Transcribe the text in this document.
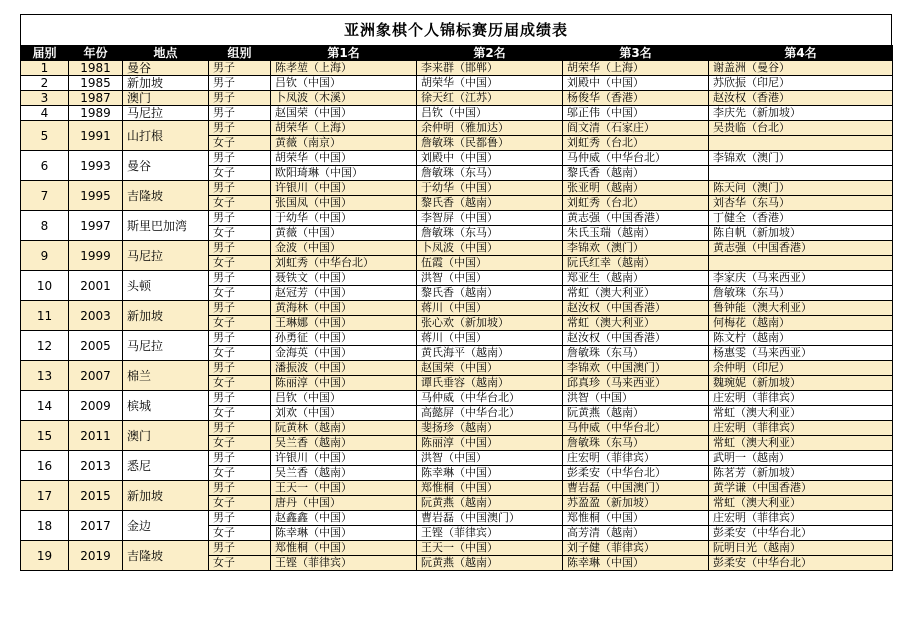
亚洲象棋个人锦标赛历届成绩表
届别	年份	地点	组别	第1名	第2名	第3名	第4名
1	1981	曼谷	男子	陈孝堃（上海）	李来群（邯郸）	胡荣华（上海）	谢盖洲（曼谷）
2	1985	新加坡	男子	吕钦（中国）	胡荣华（中国）	刘殿中（中国）	苏欣振（印尼）
3	1987	澳门	男子	卜凤波（木溪）	徐天红（江苏）	杨俊华（香港）	赵汝权（香港）
4	1989	马尼拉	男子	赵国荣（中国）	吕钦（中国）	邬正伟（中国）	李庆先（新加坡）
5	1991	山打根	男子	胡荣华（上海）	余仲明（雅加达）	阎文清（石家庄）	吴贵临（台北）
			女子	黄薇（南京）	詹敏珠（民都鲁）	刘虹秀（台北）	
6	1993	曼谷	男子	胡荣华（中国）	刘殿中（中国）	马仲威（中华台北）	李锦欢（澳门）
			女子	欧阳琦琳（中国）	詹敏珠（东马）	黎氏香（越南）	
7	1995	吉隆坡	男子	许银川（中国）	于幼华（中国）	张亚明（越南）	陈天问（澳门）
			女子	张国凤（中国）	黎氏香（越南）	刘虹秀（台北）	刘杏华（东马）
8	1997	斯里巴加湾	男子	于幼华（中国）	李智屏（中国）	黄志强（中国香港）	丁健全（香港）
			女子	黄薇（中国）	詹敏珠（东马）	朱氏玉瑞（越南）	陈自帆（新加坡）
9	1999	马尼拉	男子	金波（中国）	卜凤波（中国）	李锦欢（澳门）	黄志强（中国香港）
			女子	刘虹秀（中华台北）	伍霞（中国）	阮氏红幸（越南）	
10	2001	头顿	男子	聂铁文（中国）	洪智（中国）	郑亚生（越南）	李家庆（马来西亚）
			女子	赵冠芳（中国）	黎氏香（越南）	常虹（澳大利亚）	詹敏珠（东马）
11	2003	新加坡	男子	黄海林（中国）	蒋川（中国）	赵汝权（中国香港）	鲁钟能（澳大利亚）
			女子	王琳娜（中国）	张心欢（新加坡）	常虹（澳大利亚）	何梅花（越南）
12	2005	马尼拉	男子	孙勇征（中国）	蒋川（中国）	赵汝权（中国香港）	陈文柠（越南）
			女子	金海英（中国）	黄氏海平（越南）	詹敏珠（东马）	杨惠雯（马来西亚）
13	2007	棉兰	男子	潘振波（中国）	赵国荣（中国）	李锦欢（中国澳门）	余仲明（印尼）
			女子	陈丽淳（中国）	谭氏垂容（越南）	邱真珍（马来西亚）	魏琬妮（新加坡）
14	2009	槟城	男子	吕钦（中国）	马仲威（中华台北）	洪智（中国）	庄宏明（菲律宾）
			女子	刘欢（中国）	高懿屏（中华台北）	阮黄燕（越南）	常虹（澳大利亚）
15	2011	澳门	男子	阮黄林（越南）	斐扬珍（越南）	马仲威（中华台北）	庄宏明（菲律宾）
			女子	吴兰香（越南）	陈丽淳（中国）	詹敏珠（东马）	常虹（澳大利亚）
16	2013	悉尼	男子	许银川（中国）	洪智（中国）	庄宏明（菲律宾）	武明一（越南）
			女子	吴兰香（越南）	陈幸琳（中国）	彭柔安（中华台北）	陈茗芳（新加坡）
17	2015	新加坡	男子	王天一（中国）	郑惟桐（中国）	曹岩磊（中国澳门）	黄学谦（中国香港）
			女子	唐丹（中国）	阮黄燕（越南）	苏盈盈（新加坡）	常虹（澳大利亚）
18	2017	金边	男子	赵鑫鑫（中国）	曹岩磊（中国澳门）	郑惟桐（中国）	庄宏明（菲律宾）
			女子	陈幸琳（中国）	王铿（菲律宾）	高芳清（越南）	彭柔安（中华台北）
19	2019	吉隆坡	男子	郑惟桐（中国）	王天一（中国）	刘子健（菲律宾）	阮明日光（越南）
			女子	王铿（菲律宾）	阮黄燕（越南）	陈幸琳（中国）	彭柔安（中华台北）
